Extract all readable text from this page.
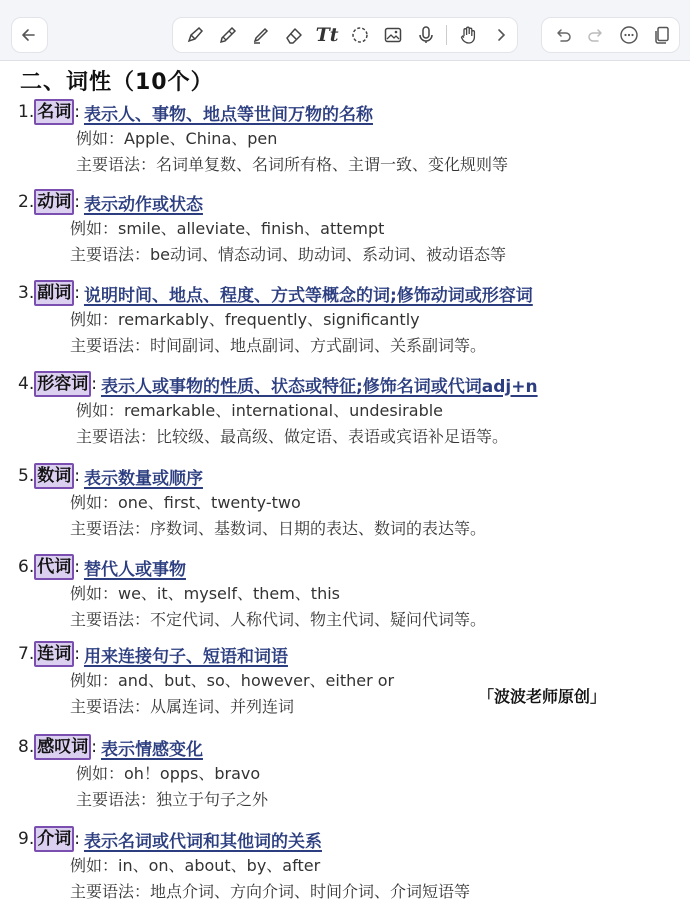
Tt
二、词性（10个）
1. 名词 : 表示人、事物、地点等世间万物的名称
例如：Apple、China、pen
主要语法：名词单复数、名词所有格、主谓一致、变化规则等
2. 动词 : 表示动作或状态
例如：smile、alleviate、finish、attempt
主要语法：be动词、情态动词、助动词、系动词、被动语态等
3. 副词 : 说明时间、地点、程度、方式等概念的词;修饰动词或形容词
例如：remarkably、frequently、significantly
主要语法：时间副词、地点副词、方式副词、关系副词等。
4. 形容词 : 表示人或事物的性质、状态或特征;修饰名词或代词adj+n
例如：remarkable、international、undesirable
主要语法：比较级、最高级、做定语、表语或宾语补足语等。
5. 数词 : 表示数量或顺序
例如：one、first、twenty-two
主要语法：序数词、基数词、日期的表达、数词的表达等。
6. 代词 : 替代人或事物
例如：we、it、myself、them、this
主要语法：不定代词、人称代词、物主代词、疑问代词等。
7. 连词 : 用来连接句子、短语和词语
例如：and、but、so、however、either or
主要语法：从属连词、并列连词
8. 感叹词 : 表示情感变化
例如：oh！opps、bravo
主要语法：独立于句子之外
9. 介词 : 表示名词或代词和其他词的关系
例如：in、on、about、by、after
主要语法：地点介词、方向介词、时间介词、介词短语等
「波波老师原创」
